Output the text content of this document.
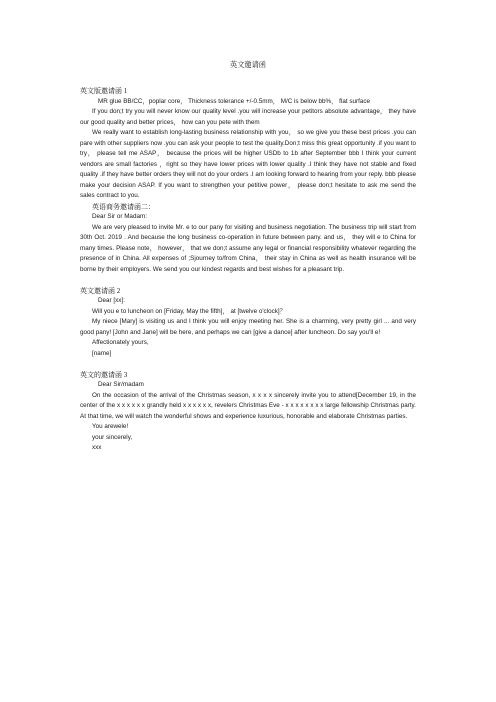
英文邀请函

英文版邀请函 1

MR glue BB/CC，poplar core， Thickness tolerance +/-0.5mm， M/C is below bb%， flat surface

If you don;t try you will never know our quality level .you will increase your petitors absolute advantage， they have our good quality and better prices， how can you pete with them

We really want to establish long-lasting business relationship with you， so we give you these best prices .you can pare with other suppliers now .you can ask your people to test the quality.Don;t miss this great opportunity .if you want to try， please tell me ASAP， because the prices will be higher USDb to 1b after September bbb I think your current vendors are small factories ，right so they have lower prices with lower quality .I think they have not stable and fixed quality .if they have better orders they will not do your orders .I am looking forward to hearing from your reply. bbb please make your decision ASAP. If you want to strengthen your petitive power， please don;t hesitate to ask me send the sales contract to you.

英语商务邀请函二：

Dear Sir or Madam:

We are very pleased to invite Mr. e to our pany for visiting and business negotiation. The business trip will start from 30th Oct. 2019 . And because the long business co-operation in future between pany. and us， they will e to China for many times. Please note， however， that we don;t assume any legal or financial responsibility whatever regarding the presence of in China. All expenses of ;Sjourney to/from China， their stay in China as well as health insurance will be borne by their employers. We send you our kindest regards and best wishes for a pleasant trip.

英文邀请函 2

Dear [xx]:

Will you e to luncheon on [Friday, May the fifth]， at [twelve o'clock]？

My niece [Mary] is visiting us and I think you will enjoy meeting her. She is a charming, very pretty girl ... and very good pany! [John and Jane] will be here, and perhaps we can [give a dance] after luncheon. Do say you'll e!

Affectionately yours,

[name]

英文的邀请函 3

Dear Sir/madam

On the occasion of the arrival of the Christmas season, x x x x sincerely invite you to attend[December 19, in the center of the x x x x x x grandly held x x x x x x, revelers Christmas Eve - x x x x x x x x large fellowship Christmas party. At that time, we will watch the wonderful shows and experience luxurious, honorable and elaborate Christmas parties.

You arewele!

your sincerely,

xxx
